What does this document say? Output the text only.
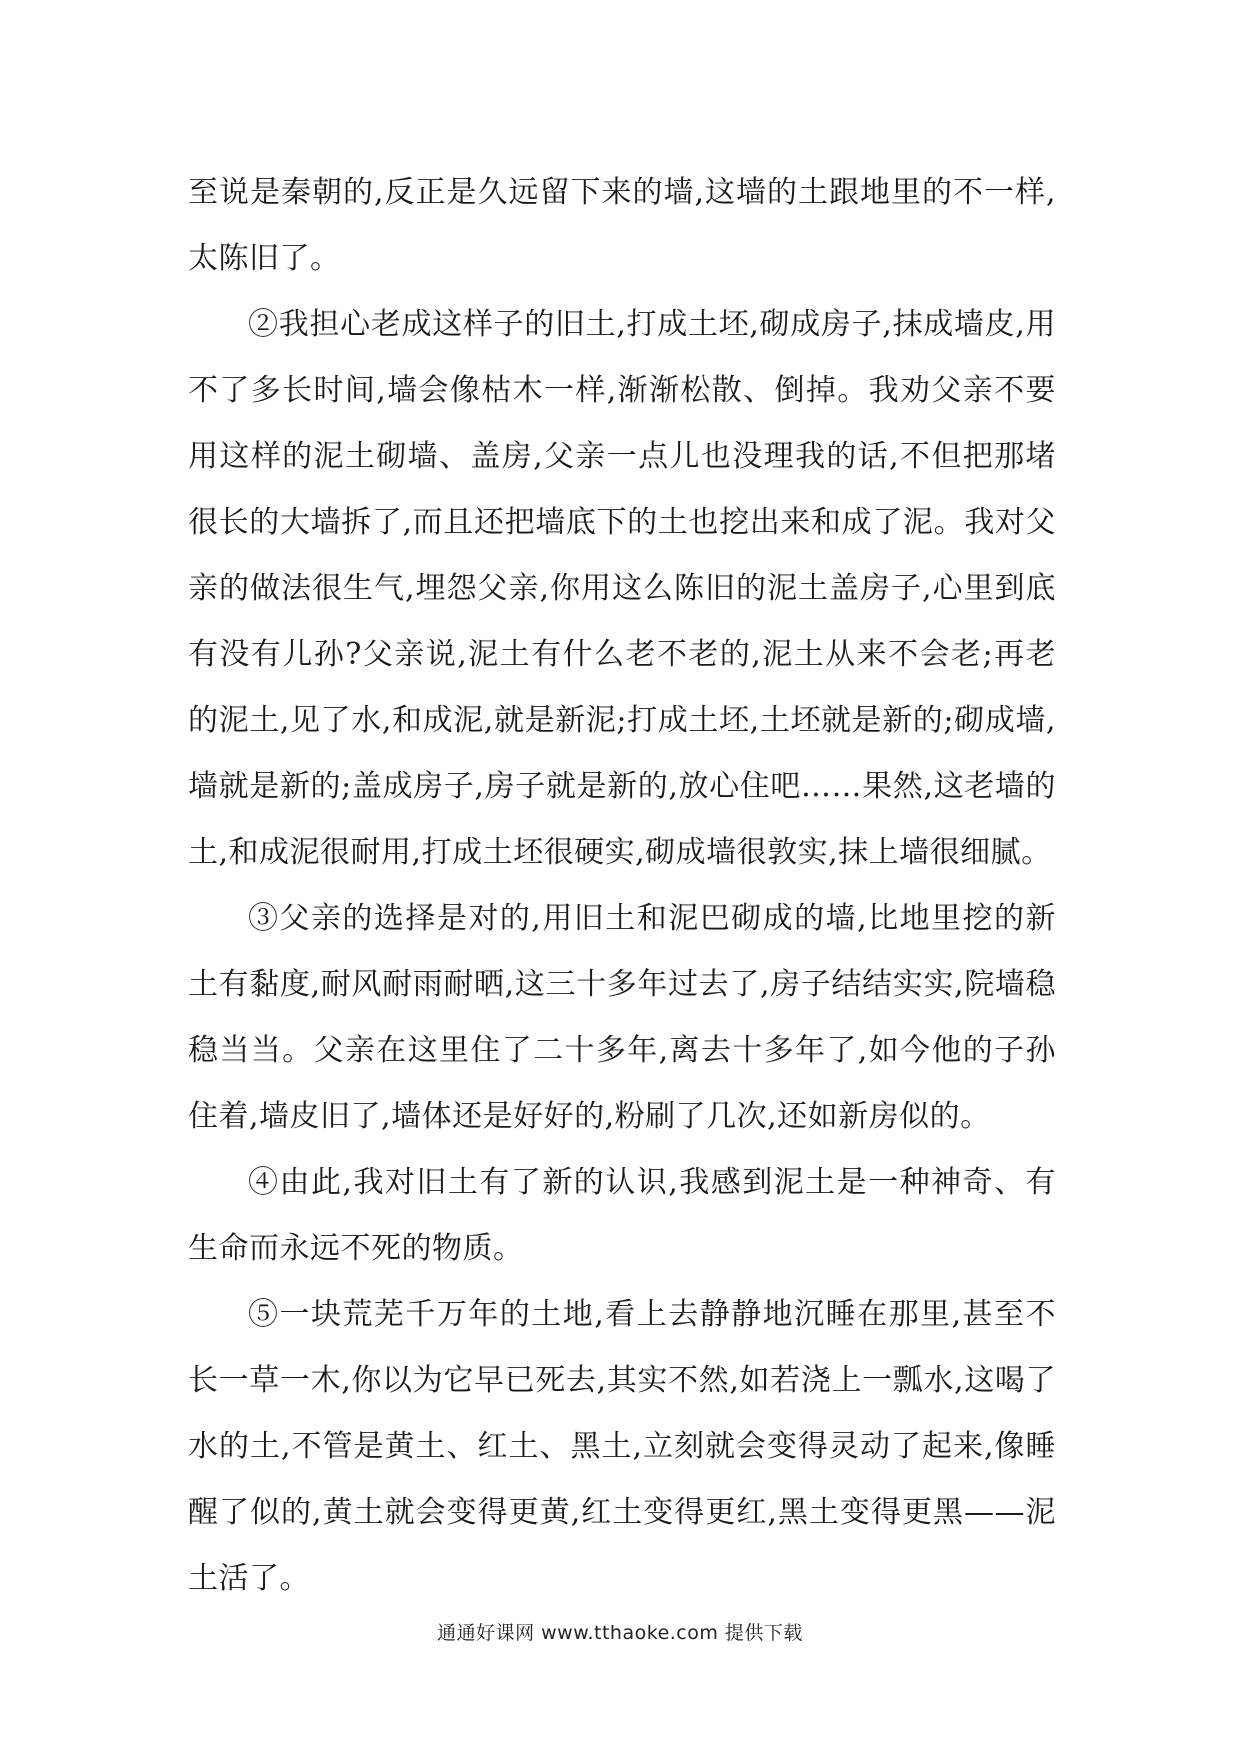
至说是秦朝的,反正是久远留下来的墙,这墙的土跟地里的不一样,太陈旧了。

②我担心老成这样子的旧土,打成土坯,砌成房子,抹成墙皮,用不了多长时间,墙会像枯木一样,渐渐松散、倒掉。我劝父亲不要用这样的泥土砌墙、盖房,父亲一点儿也没理我的话,不但把那堵很长的大墙拆了,而且还把墙底下的土也挖出来和成了泥。我对父亲的做法很生气,埋怨父亲,你用这么陈旧的泥土盖房子,心里到底有没有儿孙?父亲说,泥土有什么老不老的,泥土从来不会老;再老的泥土,见了水,和成泥,就是新泥;打成土坯,土坯就是新的;砌成墙,墙就是新的;盖成房子,房子就是新的,放心住吧……果然,这老墙的土,和成泥很耐用,打成土坯很硬实,砌成墙很敦实,抹上墙很细腻。

③父亲的选择是对的,用旧土和泥巴砌成的墙,比地里挖的新土有黏度,耐风耐雨耐晒,这三十多年过去了,房子结结实实,院墙稳稳当当。父亲在这里住了二十多年,离去十多年了,如今他的子孙住着,墙皮旧了,墙体还是好好的,粉刷了几次,还如新房似的。

④由此,我对旧土有了新的认识,我感到泥土是一种神奇、有生命而永远不死的物质。

⑤一块荒芜千万年的土地,看上去静静地沉睡在那里,甚至不长一草一木,你以为它早已死去,其实不然,如若浇上一瓢水,这喝了水的土,不管是黄土、红土、黑土,立刻就会变得灵动了起来,像睡醒了似的,黄土就会变得更黄,红土变得更红,黑土变得更黑——泥土活了。

通通好课网 www.tthaoke.com 提供下载
